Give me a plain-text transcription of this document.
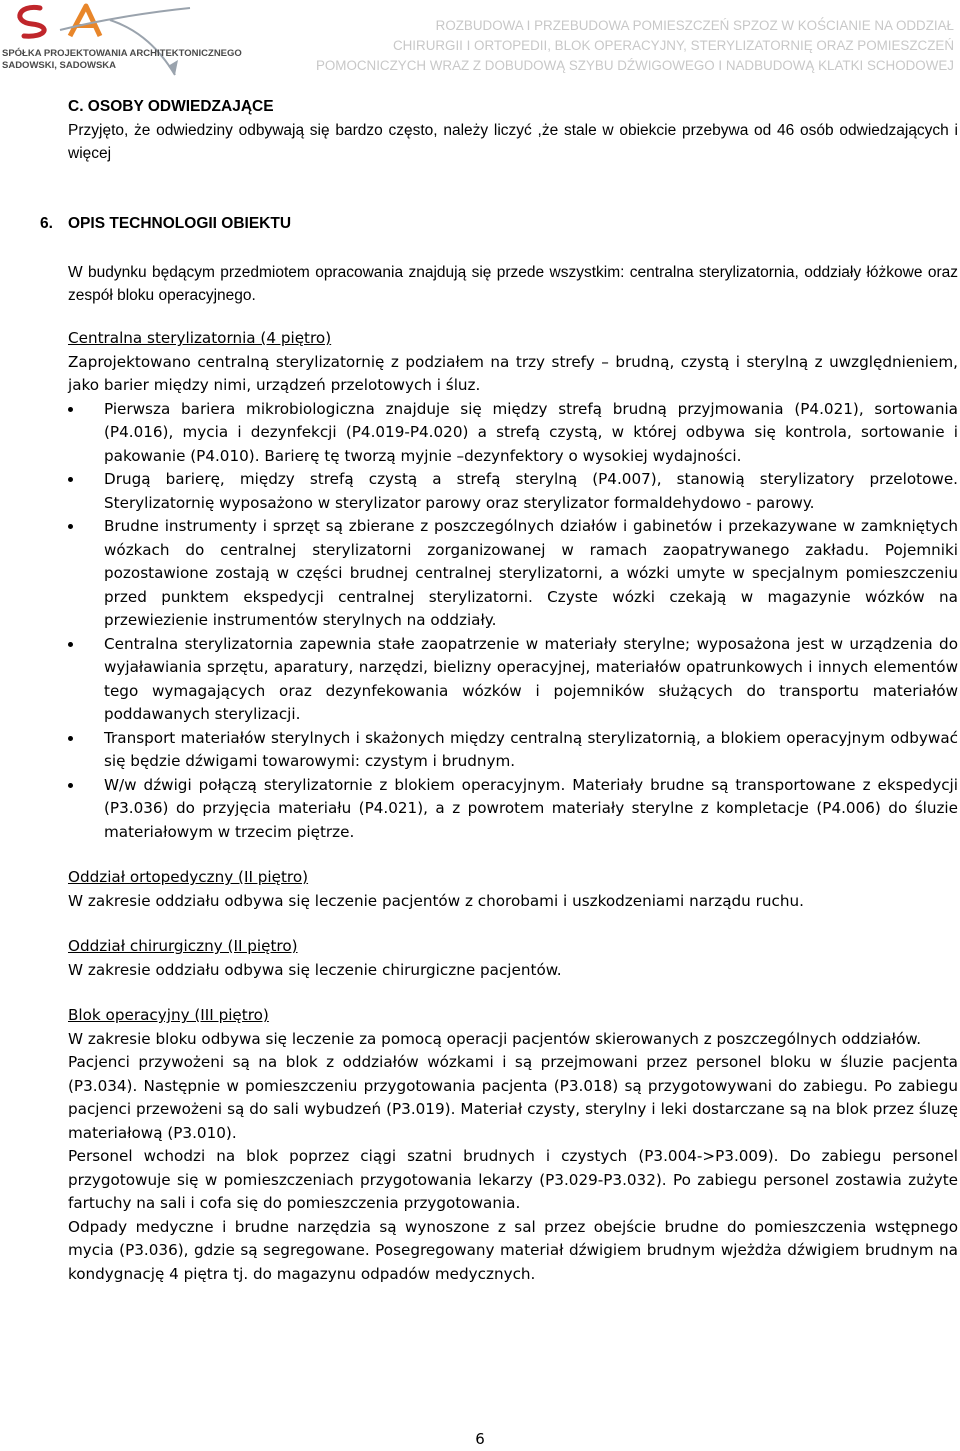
SPÓŁKA PROJEKTOWANIA ARCHITEKTONICZNEGO
SADOWSKI, SADOWSKA
ROZBUDOWA I PRZEBUDOWA POMIESZCZEŃ SPZOZ W KOŚCIANIE NA ODDZIAŁ
CHIRURGII I ORTOPEDII, BLOK OPERACYJNY, STERYLIZATORNIĘ ORAZ POMIESZCZEŃ
POMOCNICZYCH WRAZ Z DOBUDOWĄ SZYBU DŹWIGOWEGO I NADBUDOWĄ KLATKI SCHODOWEJ
C. OSOBY ODWIEDZAJĄCE

Przyjęto, że odwiedziny odbywają się bardzo często, należy liczyć ,że stale w obiekcie przebywa od 46 osób odwiedzających i więcej

6. OPIS TECHNOLOGII OBIEKTU

W budynku będącym przedmiotem opracowania znajdują się przede wszystkim: centralna sterylizatornia, oddziały łóżkowe oraz zespół bloku operacyjnego.

Centralna sterylizatornia (4 piętro)

Zaprojektowano centralną sterylizatornię z podziałem na trzy strefy – brudną, czystą i sterylną z uwzględnieniem, jako barier między nimi, urządzeń przelotowych i śluz.

Pierwsza bariera mikrobiologiczna znajduje się między strefą brudną przyjmowania (P4.021), sortowania (P4.016), mycia i dezynfekcji (P4.019-P4.020) a strefą czystą, w której odbywa się kontrola, sortowanie i pakowanie (P4.010). Barierę tę tworzą myjnie –dezynfektory o wysokiej wydajności.
Drugą barierę, między strefą czystą a strefą sterylną (P4.007), stanowią sterylizatory przelotowe. Sterylizatornię wyposażono w sterylizator parowy oraz sterylizator formaldehydowo - parowy.
Brudne instrumenty i sprzęt są zbierane z poszczególnych działów i gabinetów i przekazywane w zamkniętych wózkach do centralnej sterylizatorni zorganizowanej w ramach zaopatrywanego zakładu. Pojemniki pozostawione zostają w części brudnej centralnej sterylizatorni, a wózki umyte w specjalnym pomieszczeniu przed punktem ekspedycji centralnej sterylizatorni. Czyste wózki czekają w magazynie wózków na przewiezienie instrumentów sterylnych na oddziały.
Centralna sterylizatornia zapewnia stałe zaopatrzenie w materiały sterylne; wyposażona jest w urządzenia do wyjaławiania sprzętu, aparatury, narzędzi, bielizny operacyjnej, materiałów opatrunkowych i innych elementów tego wymagających oraz dezynfekowania wózków i pojemników służących do transportu materiałów poddawanych sterylizacji.
Transport materiałów sterylnych i skażonych między centralną sterylizatornią, a blokiem operacyjnym odbywać się będzie dźwigami towarowymi: czystym i brudnym.
W/w dźwigi połączą sterylizatornie z blokiem operacyjnym. Materiały brudne są transportowane z ekspedycji (P3.036) do przyjęcia materiału (P4.021), a z powrotem materiały sterylne z kompletacje (P4.006) do śluzie materiałowym w trzecim piętrze.
Oddział ortopedyczny (II piętro)

W zakresie oddziału odbywa się leczenie pacjentów z chorobami i uszkodzeniami narządu ruchu.

Oddział chirurgiczny (II piętro)

W zakresie oddziału odbywa się leczenie chirurgiczne pacjentów.

Blok operacyjny (III piętro)

W zakresie bloku odbywa się leczenie za pomocą operacji pacjentów skierowanych z poszczególnych oddziałów.

Pacjenci przywożeni są na blok z oddziałów wózkami i są przejmowani przez personel bloku w śluzie pacjenta (P3.034). Następnie w pomieszczeniu przygotowania pacjenta (P3.018) są przygotowywani do zabiegu. Po zabiegu pacjenci przewożeni są do sali wybudzeń (P3.019). Materiał czysty, sterylny i leki dostarczane są na blok przez śluzę materiałową (P3.010).

Personel wchodzi na blok poprzez ciągi szatni brudnych i czystych (P3.004->P3.009). Do zabiegu personel przygotowuje się w pomieszczeniach przygotowania lekarzy (P3.029-P3.032). Po zabiegu personel zostawia zużyte fartuchy na sali i cofa się do pomieszczenia przygotowania.

Odpady medyczne i brudne narzędzia są wynoszone z sal przez obejście brudne do pomieszczenia wstępnego mycia (P3.036), gdzie są segregowane. Posegregowany materiał dźwigiem brudnym wjeżdża dźwigiem brudnym na kondygnację 4 piętra tj. do magazynu odpadów medycznych.

6
